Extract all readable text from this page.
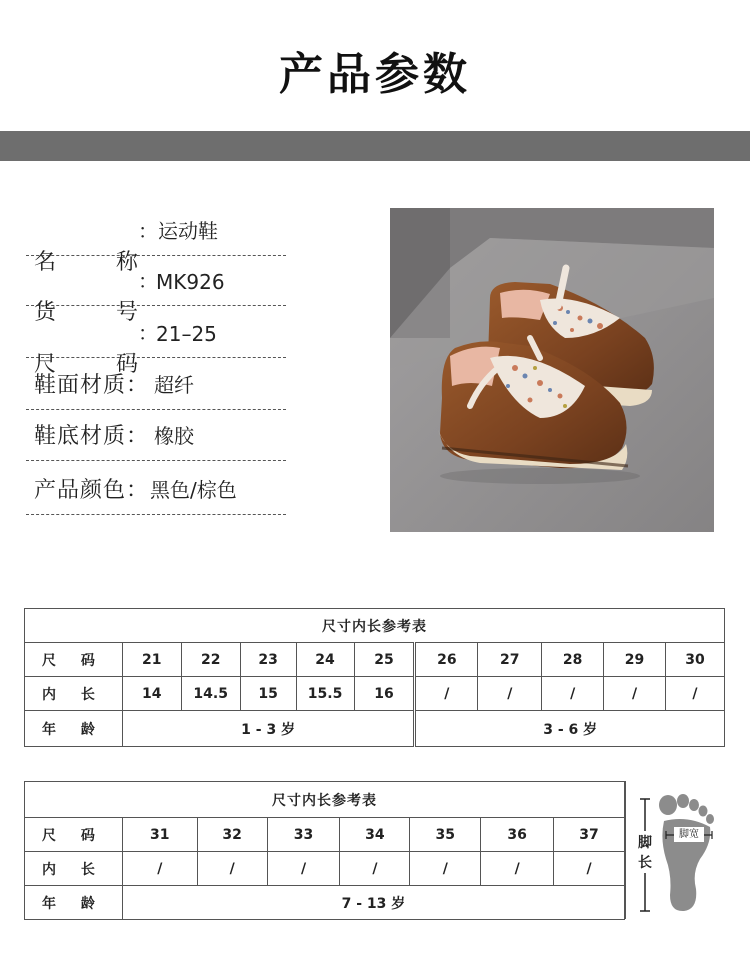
产品参数
名	称
： 运动鞋
货	号
：
MK926
尺	码
：
21–25
鞋面材质： 超纤
鞋底材质： 橡胶
产品颜色： 黑色/棕色
尺寸内长参考表										
尺 码	21	22	23	24	25	26	27	28	29	30
内 长	14	14.5	15	15.5	16	/	/	/	/	/
年 龄	1 - 3 岁					3 - 6 岁				
尺寸内长参考表							
尺 码	31	32	33	34	35	36	37
内 长	/	/	/	/	/	/	/
年 龄	7 - 13 岁						
脚长
脚宽
